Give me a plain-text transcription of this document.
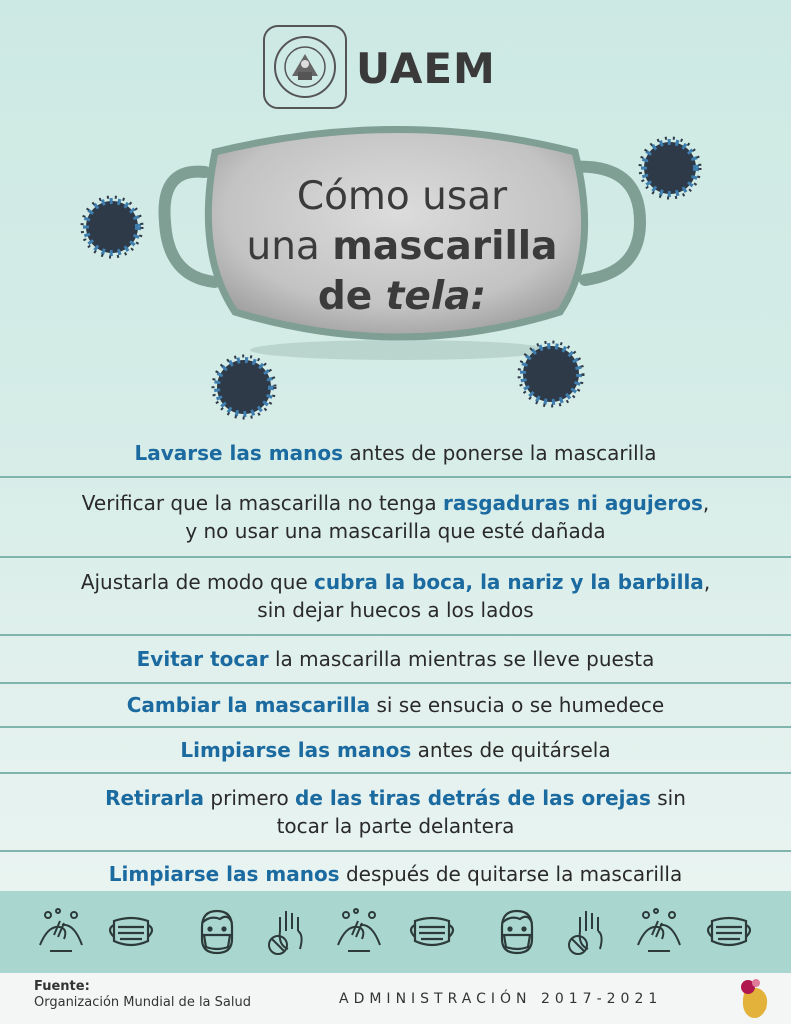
UAEM
Cómo usar
una mascarilla
de tela:
Lavarse las manos antes de ponerse la mascarilla
Verificar que la mascarilla no tenga rasgaduras ni agujeros,
y no usar una mascarilla que esté dañada
Ajustarla de modo que cubra la boca, la nariz y la barbilla,
sin dejar huecos a los lados
Evitar tocar la mascarilla mientras se lleve puesta
Cambiar la mascarilla si se ensucia o se humedece
Limpiarse las manos antes de quitársela
Retirarla primero de las tiras detrás de las orejas sin
tocar la parte delantera
Limpiarse las manos después de quitarse la mascarilla
Fuente:
Organización Mundial de la Salud	ADMINISTRACIÓN 2017-2021
